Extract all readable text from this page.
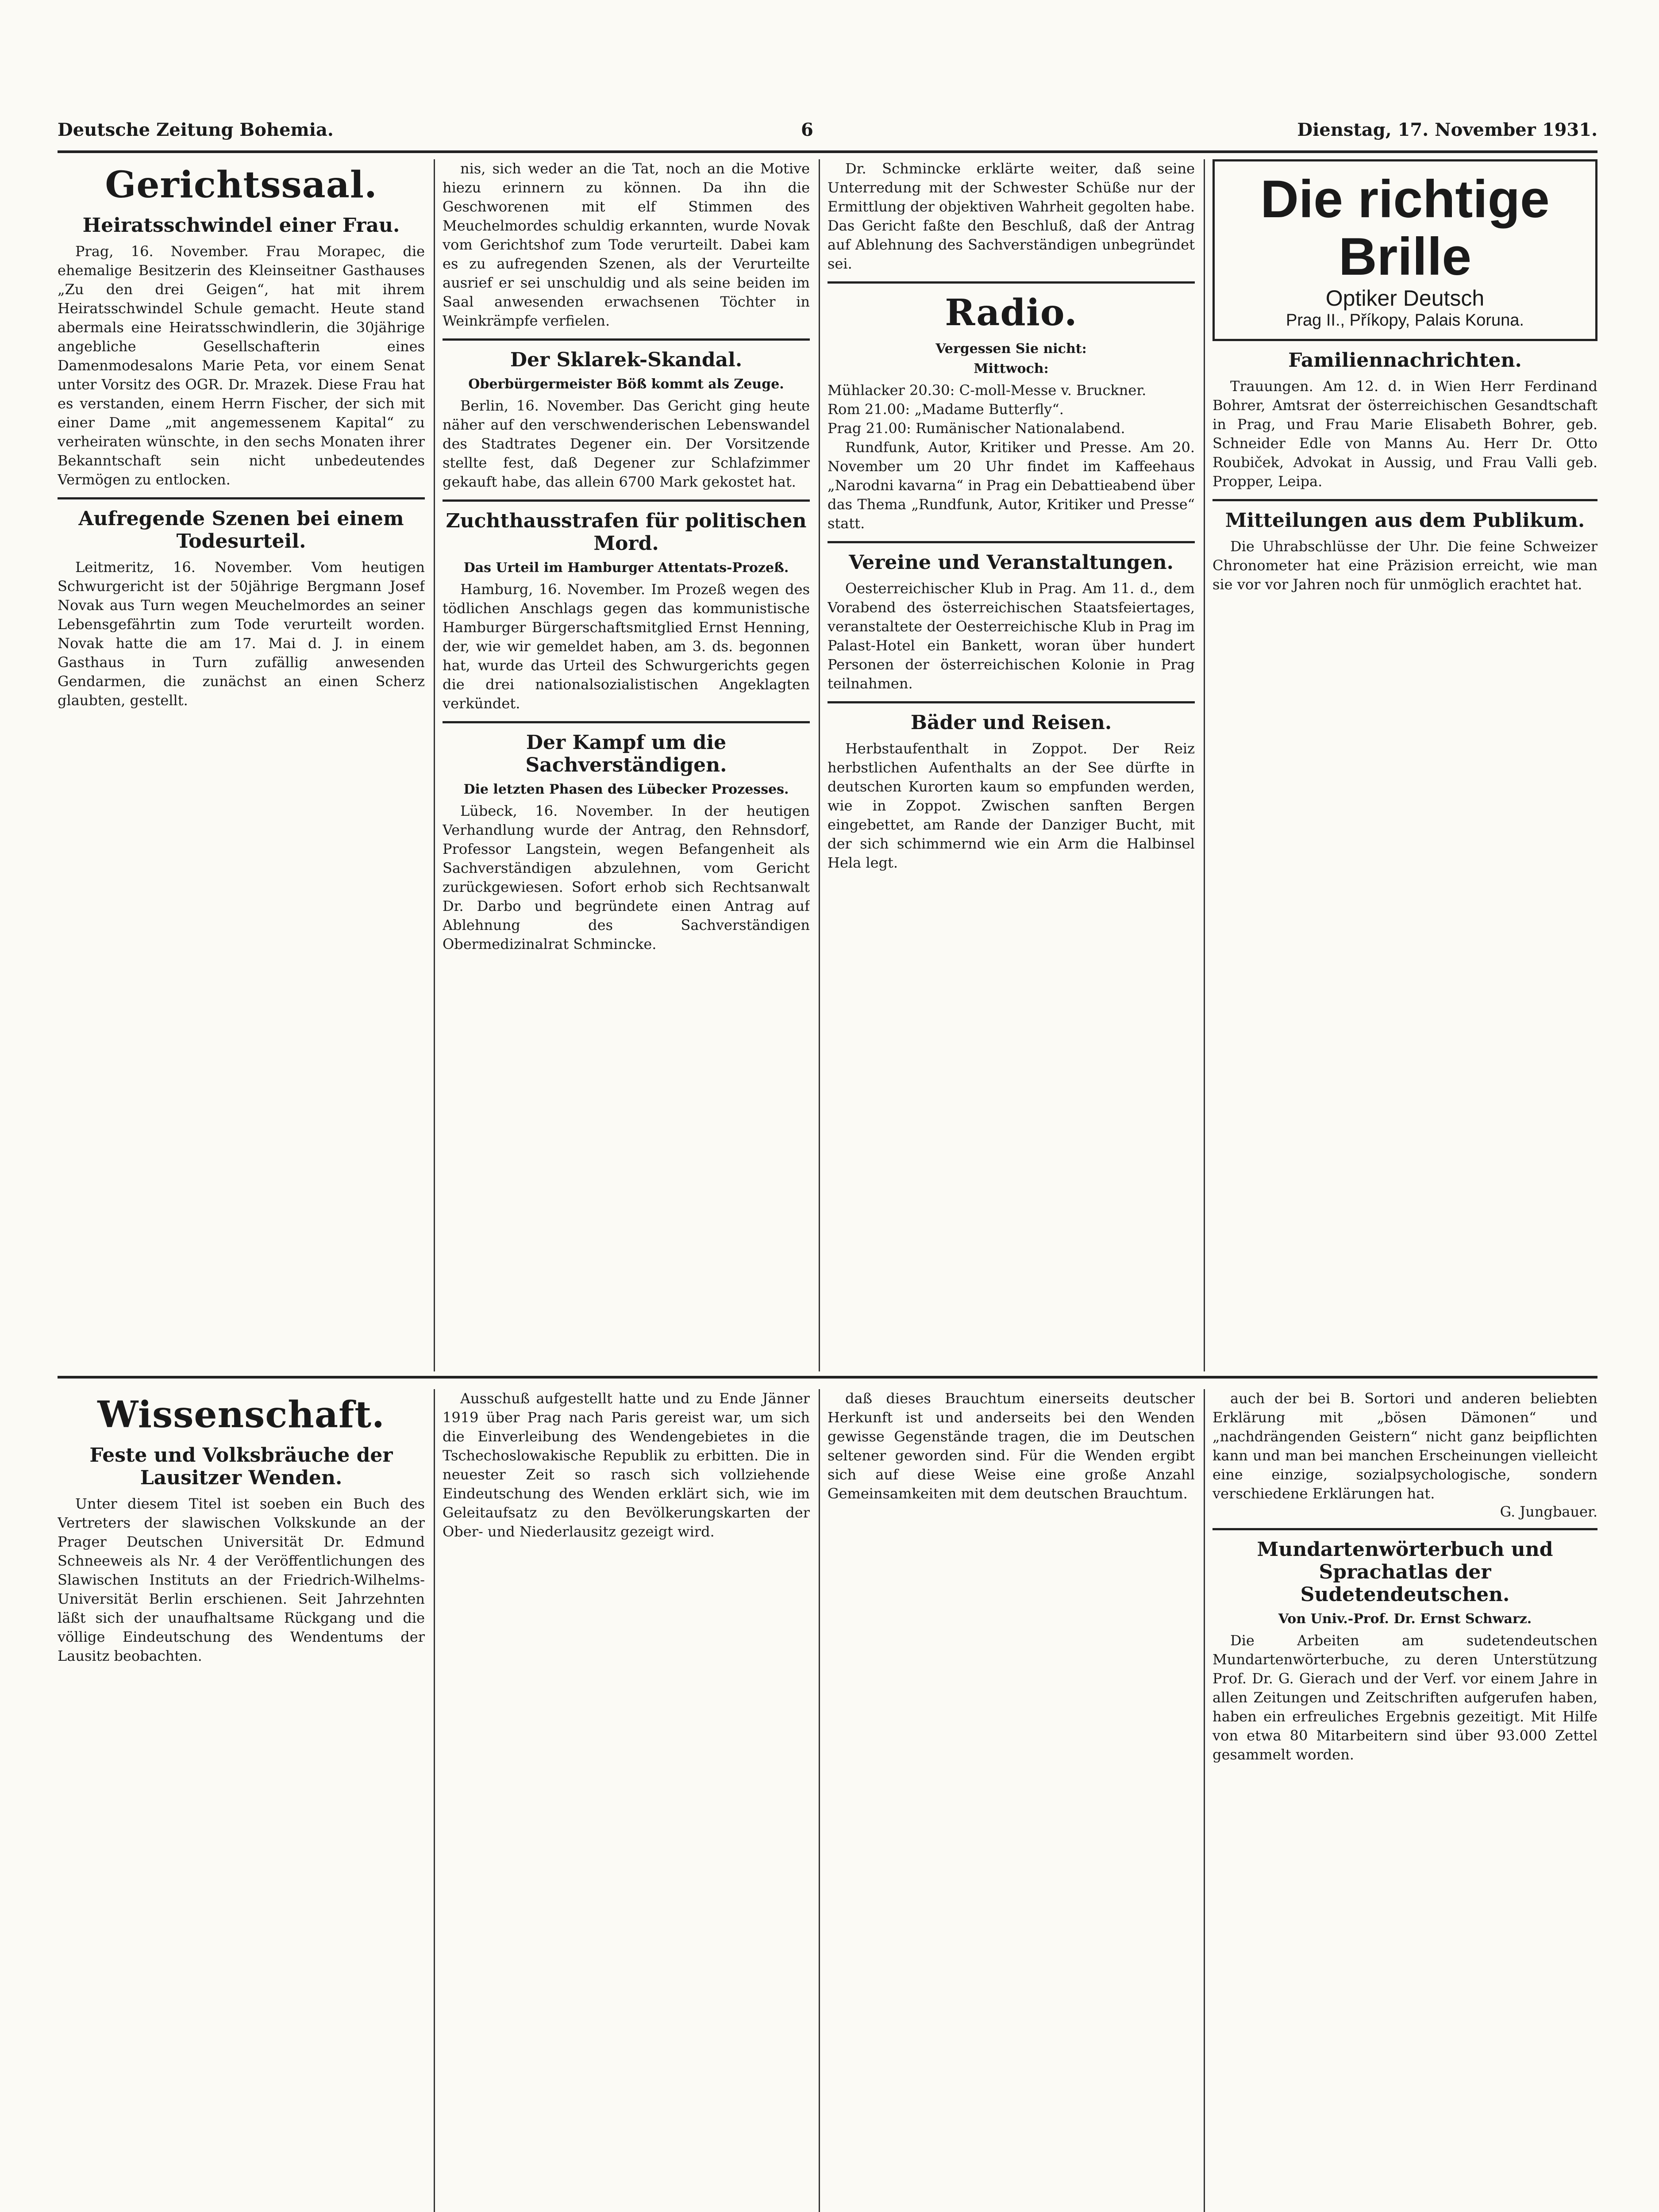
Deutsche Zeitung Bohemia.	6	Dienstag, 17. November 1931.
Gerichtssaal.
Heiratsschwindel einer Frau.

Prag, 16. November. Frau Morapec, die ehemalige Besitzerin des Kleinseitner Gasthauses „Zu den drei Geigen“, hat mit ihrem Heiratsschwindel Schule gemacht. Heute stand abermals eine Heiratsschwindlerin, die 30jährige angebliche Gesellschafterin eines Damenmodesalons Marie Peta, vor einem Senat unter Vorsitz des OGR. Dr. Mrazek. Diese Frau hat es verstanden, einem Herrn Fischer, der sich mit einer Dame „mit angemessenem Kapital“ zu verheiraten wünschte, in den sechs Monaten ihrer Bekanntschaft sein nicht unbedeutendes Vermögen zu entlocken.

Aufregende Szenen bei einem Todesurteil.

Leitmeritz, 16. November. Vom heutigen Schwurgericht ist der 50jährige Bergmann Josef Novak aus Turn wegen Meuchelmordes an seiner Lebensgefährtin zum Tode verurteilt worden. Novak hatte die am 17. Mai d. J. in einem Gasthaus in Turn zufällig anwesenden Gendarmen, die zunächst an einen Scherz glaubten, gestellt.

nis, sich weder an die Tat, noch an die Motive hiezu erinnern zu können. Da ihn die Geschworenen mit elf Stimmen des Meuchelmordes schuldig erkannten, wurde Novak vom Gerichtshof zum Tode verurteilt. Dabei kam es zu aufregenden Szenen, als der Verurteilte ausrief er sei unschuldig und als seine beiden im Saal anwesenden erwachsenen Töchter in Weinkrämpfe verfielen.

Der Sklarek-Skandal.
Oberbürgermeister Böß kommt als Zeuge.

Berlin, 16. November. Das Gericht ging heute näher auf den verschwenderischen Lebenswandel des Stadtrates Degener ein. Der Vorsitzende stellte fest, daß Degener zur Schlafzimmer gekauft habe, das allein 6700 Mark gekostet hat.

Zuchthausstrafen für politischen Mord.
Das Urteil im Hamburger Attentats-Prozeß.

Hamburg, 16. November. Im Prozeß wegen des tödlichen Anschlags gegen das kommunistische Hamburger Bürgerschaftsmitglied Ernst Henning, der, wie wir gemeldet haben, am 3. ds. begonnen hat, wurde das Urteil des Schwurgerichts gegen die drei nationalsozialistischen Angeklagten verkündet.

Der Kampf um die Sachverständigen.
Die letzten Phasen des Lübecker Prozesses.

Lübeck, 16. November. In der heutigen Verhandlung wurde der Antrag, den Rehnsdorf, Professor Langstein, wegen Befangenheit als Sachverständigen abzulehnen, vom Gericht zurückgewiesen. Sofort erhob sich Rechtsanwalt Dr. Darbo und begründete einen Antrag auf Ablehnung des Sachverständigen Obermedizinalrat Schmincke.

Dr. Schmincke erklärte weiter, daß seine Unterredung mit der Schwester Schüße nur der Ermittlung der objektiven Wahrheit gegolten habe. Das Gericht faßte den Beschluß, daß der Antrag auf Ablehnung des Sachverständigen unbegründet sei.

Radio.
Vergessen Sie nicht:
Mittwoch:
Mühlacker 20.30: C-moll-Messe v. Bruckner.
Rom 21.00: „Madame Butterfly“.
Prag 21.00: Rumänischer Nationalabend.

Rundfunk, Autor, Kritiker und Presse. Am 20. November um 20 Uhr findet im Kaffeehaus „Narodni kavarna“ in Prag ein Debattieabend über das Thema „Rundfunk, Autor, Kritiker und Presse“ statt.

Vereine und Veranstaltungen.

Oesterreichischer Klub in Prag. Am 11. d., dem Vorabend des österreichischen Staatsfeiertages, veranstaltete der Oesterreichische Klub in Prag im Palast-Hotel ein Bankett, woran über hundert Personen der österreichischen Kolonie in Prag teilnahmen.

Bäder und Reisen.

Herbstaufenthalt in Zoppot. Der Reiz herbstlichen Aufenthalts an der See dürfte in deutschen Kurorten kaum so empfunden werden, wie in Zoppot. Zwischen sanften Bergen eingebettet, am Rande der Danziger Bucht, mit der sich schimmernd wie ein Arm die Halbinsel Hela legt.

Die richtige Brille
Optiker Deutsch
Prag II., Příkopy, Palais Koruna.
Familiennachrichten.

Trauungen. Am 12. d. in Wien Herr Ferdinand Bohrer, Amtsrat der österreichischen Gesandtschaft in Prag, und Frau Marie Elisabeth Bohrer, geb. Schneider Edle von Manns Au. Herr Dr. Otto Roubiček, Advokat in Aussig, und Frau Valli geb. Propper, Leipa.

Mitteilungen aus dem Publikum.

Die Uhrabschlüsse der Uhr. Die feine Schweizer Chronometer hat eine Präzision erreicht, wie man sie vor vor Jahren noch für unmöglich erachtet hat.

Wissenschaft.
Feste und Volksbräuche der Lausitzer Wenden.

Unter diesem Titel ist soeben ein Buch des Vertreters der slawischen Volkskunde an der Prager Deutschen Universität Dr. Edmund Schneeweis als Nr. 4 der Veröffentlichungen des Slawischen Instituts an der Friedrich-Wilhelms-Universität Berlin erschienen. Seit Jahrzehnten läßt sich der unaufhaltsame Rückgang und die völlige Eindeutschung des Wendentums der Lausitz beobachten.

Ausschuß aufgestellt hatte und zu Ende Jänner 1919 über Prag nach Paris gereist war, um sich die Einverleibung des Wendengebietes in die Tschechoslowakische Republik zu erbitten. Die in neuester Zeit so rasch sich vollziehende Eindeutschung des Wenden erklärt sich, wie im Geleitaufsatz zu den Bevölkerungskarten der Ober- und Niederlausitz gezeigt wird.

daß dieses Brauchtum einerseits deutscher Herkunft ist und anderseits bei den Wenden gewisse Gegenstände tragen, die im Deutschen seltener geworden sind. Für die Wenden ergibt sich auf diese Weise eine große Anzahl Gemeinsamkeiten mit dem deutschen Brauchtum.

auch der bei B. Sortori und anderen beliebten Erklärung mit „bösen Dämonen“ und „nachdrängenden Geistern“ nicht ganz beipflichten kann und man bei manchen Erscheinungen vielleicht eine einzige, sozialpsychologische, sondern verschiedene Erklärungen hat.

G. Jungbauer.
Mundartenwörterbuch und Sprachatlas der Sudetendeutschen.
Von Univ.-Prof. Dr. Ernst Schwarz.

Die Arbeiten am sudetendeutschen Mundartenwörterbuche, zu deren Unterstützung Prof. Dr. G. Gierach und der Verf. vor einem Jahre in allen Zeitungen und Zeitschriften aufgerufen haben, haben ein erfreuliches Ergebnis gezeitigt. Mit Hilfe von etwa 80 Mitarbeitern sind über 93.000 Zettel gesammelt worden.
